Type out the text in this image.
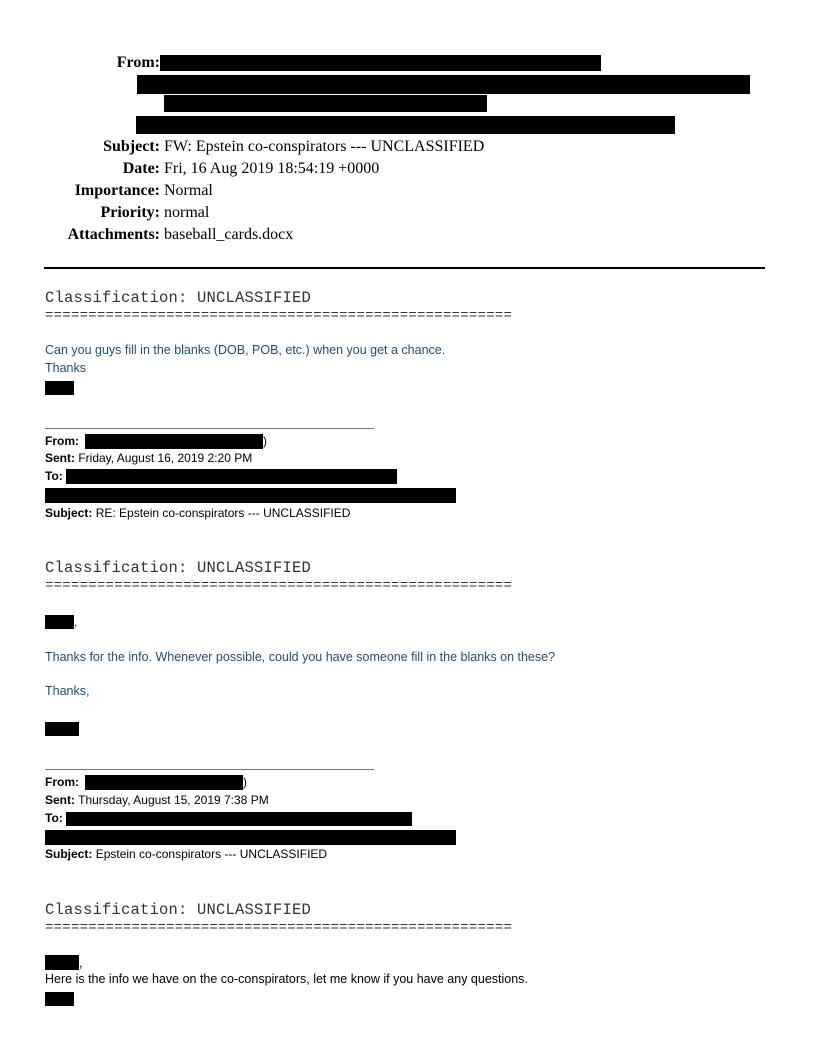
From:
Subject: FW: Epstein co-conspirators --- UNCLASSIFIED
Date: Fri, 16 Aug 2019 18:54:19 +0000
Importance: Normal
Priority: normal
Attachments: baseball_cards.docx
Classification: UNCLASSIFIED
======================================================
Can you guys fill in the blanks (DOB, POB, etc.) when you get a chance.
Thanks
From:	)
Sent: Friday, August 16, 2019 2:20 PM
To:
Subject: RE: Epstein co-conspirators --- UNCLASSIFIED
Classification: UNCLASSIFIED
======================================================
,
Thanks for the info. Whenever possible, could you have someone fill in the blanks on these?
Thanks,
From:	)
Sent: Thursday, August 15, 2019 7:38 PM
To:
Subject: Epstein co-conspirators --- UNCLASSIFIED
Classification: UNCLASSIFIED
======================================================
,
Here is the info we have on the co-conspirators, let me know if you have any questions.
